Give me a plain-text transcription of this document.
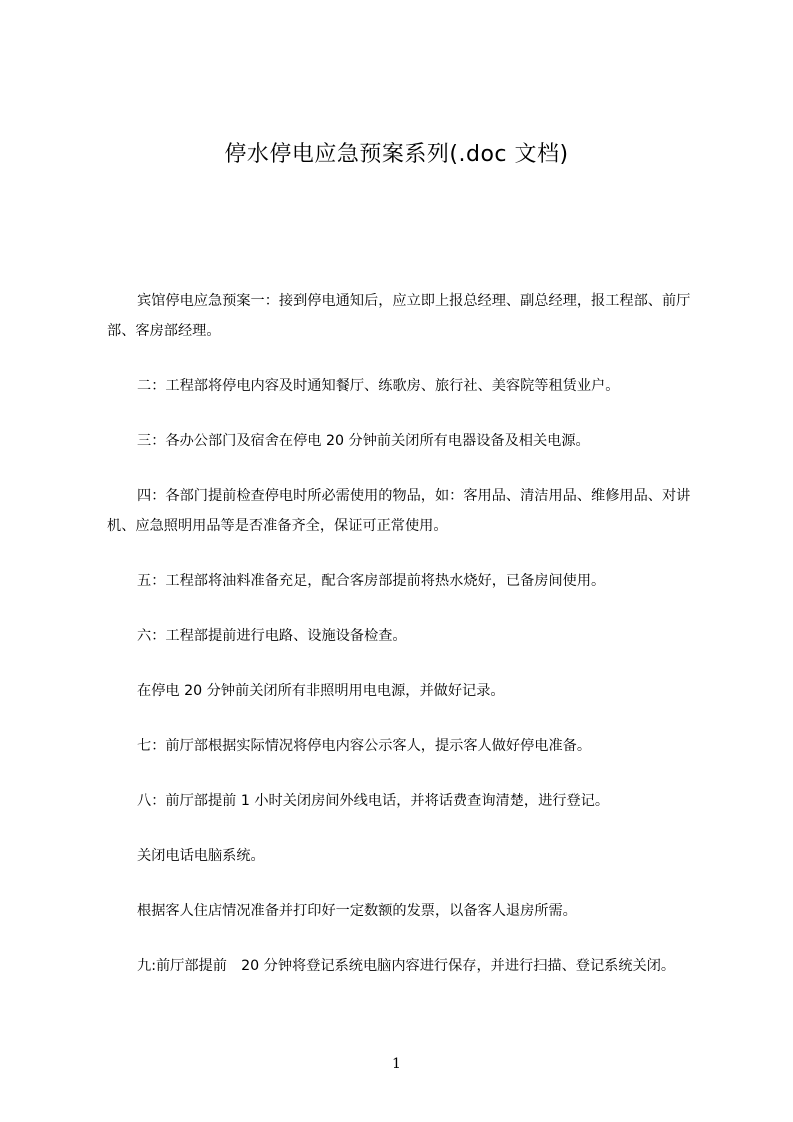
停水停电应急预案系列(.doc 文档)

宾馆停电应急预案一：接到停电通知后，应立即上报总经理、副总经理，报工程部、前厅部、客房部经理。

二：工程部将停电内容及时通知餐厅、练歌房、旅行社、美容院等租赁业户。

三：各办公部门及宿舍在停电 20 分钟前关闭所有电器设备及相关电源。

四：各部门提前检查停电时所必需使用的物品，如：客用品、清洁用品、维修用品、对讲机、应急照明用品等是否准备齐全，保证可正常使用。

五：工程部将油料准备充足，配合客房部提前将热水烧好，已备房间使用。

六：工程部提前进行电路、设施设备检查。

在停电 20 分钟前关闭所有非照明用电电源，并做好记录。

七：前厅部根据实际情况将停电内容公示客人，提示客人做好停电准备。

八：前厅部提前 1 小时关闭房间外线电话，并将话费查询清楚，进行登记。

关闭电话电脑系统。

根据客人住店情况准备并打印好一定数额的发票，以备客人退房所需。

九:前厅部提前　20 分钟将登记系统电脑内容进行保存，并进行扫描、登记系统关闭。

1
